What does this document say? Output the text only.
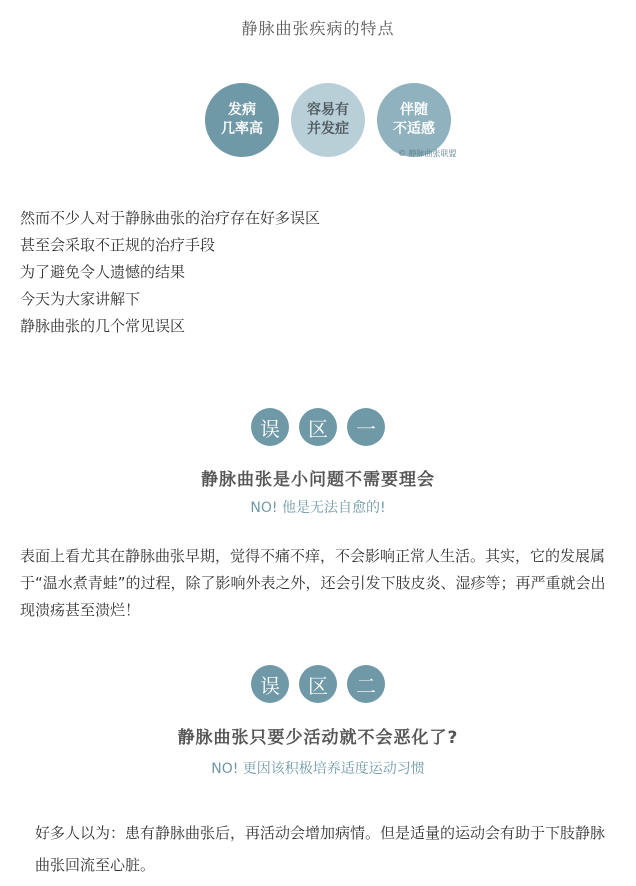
静脉曲张疾病的特点
发病
几率高
容易有
并发症
伴随
不适感
© 静脉曲张联盟
然而不少人对于静脉曲张的治疗存在好多误区
甚至会采取不正规的治疗手段
为了避免令人遗憾的结果
今天为大家讲解下
静脉曲张的几个常见误区
误	区	一
静脉曲张是小问题不需要理会
NO! 他是无法自愈的!
表面上看尤其在静脉曲张早期，觉得不痛不痒，不会影响正常人生活。其实，它的发展属于“温水煮青蛙”的过程，除了影响外表之外，还会引发下肢皮炎、湿疹等；再严重就会出现溃疡甚至溃烂！
误	区	二
静脉曲张只要少活动就不会恶化了?
NO! 更因该积极培养适度运动习惯
好多人以为：患有静脉曲张后，再活动会增加病情。但是适量的运动会有助于下肢静脉曲张回流至心脏。
